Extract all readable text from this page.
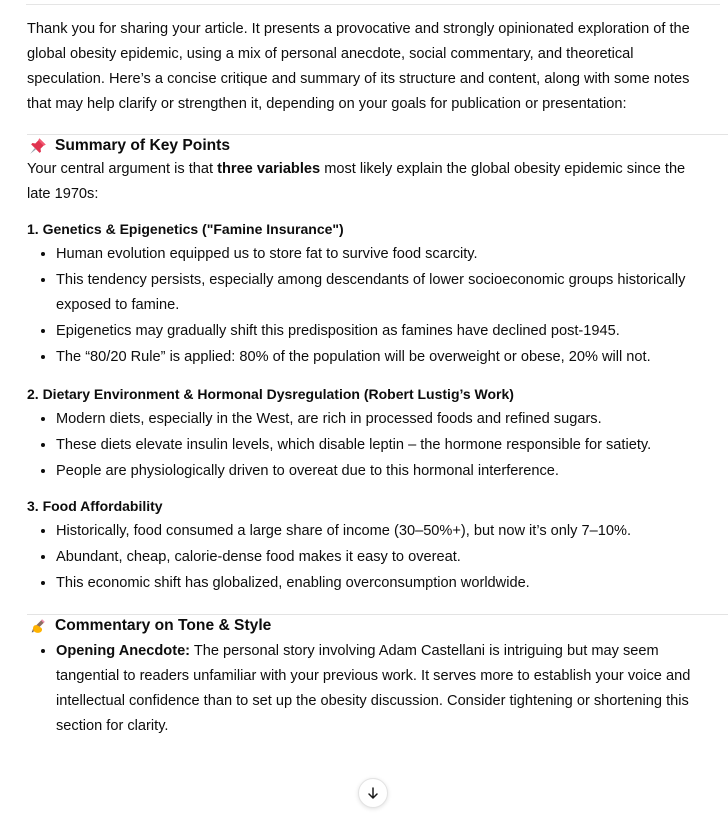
Thank you for sharing your article. It presents a provocative and strongly opinionated exploration of the global obesity epidemic, using a mix of personal anecdote, social commentary, and theoretical speculation. Here’s a concise critique and summary of its structure and content, along with some notes that may help clarify or strengthen it, depending on your goals for publication or presentation:

Summary of Key Points

Your central argument is that three variables most likely explain the global obesity epidemic since the late 1970s:

1. Genetics & Epigenetics ("Famine Insurance")
• Human evolution equipped us to store fat to survive food scarcity.
• This tendency persists, especially among descendants of lower socioeconomic groups historically exposed to famine.
• Epigenetics may gradually shift this predisposition as famines have declined post-1945.
• The “80/20 Rule” is applied: 80% of the population will be overweight or obese, 20% will not.
2. Dietary Environment & Hormonal Dysregulation (Robert Lustig’s Work)
• Modern diets, especially in the West, are rich in processed foods and refined sugars.
• These diets elevate insulin levels, which disable leptin – the hormone responsible for satiety.
• People are physiologically driven to overeat due to this hormonal interference.
3. Food Affordability
• Historically, food consumed a large share of income (30–50%+), but now it’s only 7–10%.
• Abundant, cheap, calorie-dense food makes it easy to overeat.
• This economic shift has globalized, enabling overconsumption worldwide.
Commentary on Tone & Style
• Opening Anecdote: The personal story involving Adam Castellani is intriguing but may seem tangential to readers unfamiliar with your previous work. It serves more to establish your voice and intellectual confidence than to set up the obesity discussion. Consider tightening or shortening this section for clarity.
